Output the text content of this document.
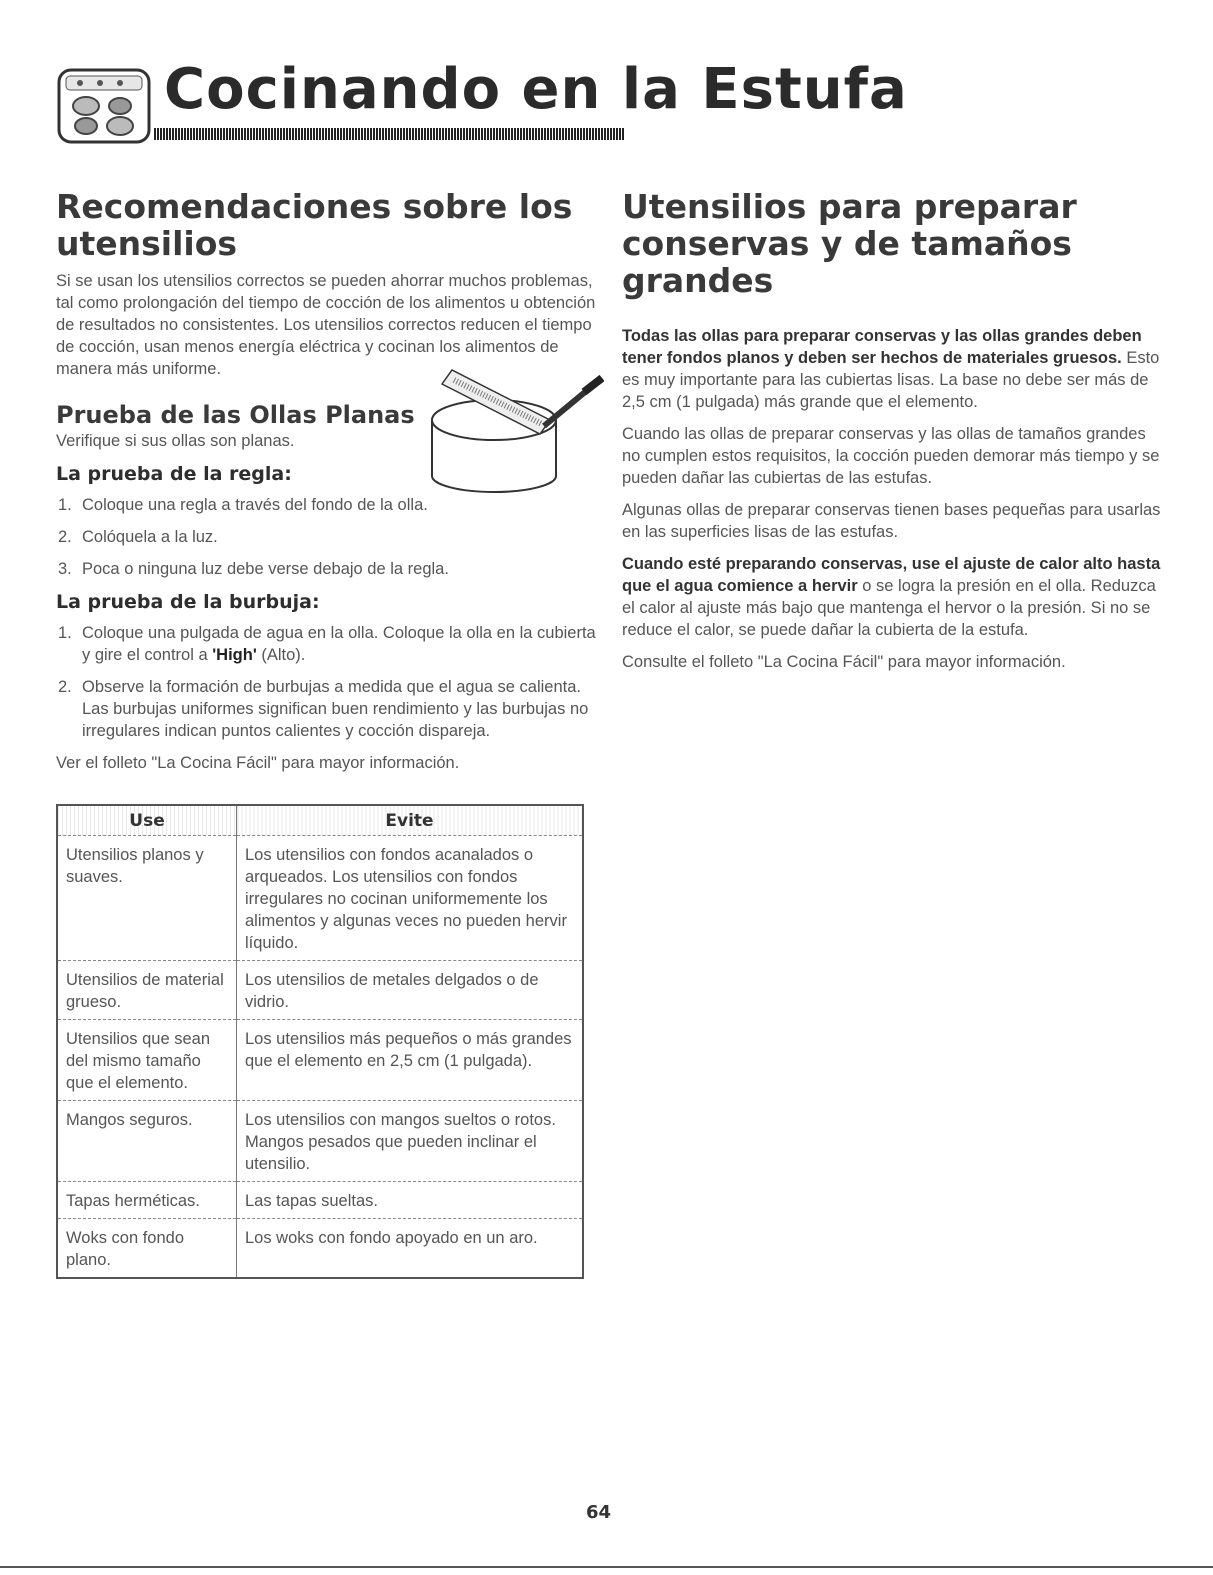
Cocinando en la Estufa
Recomendaciones sobre los utensilios

Si se usan los utensilios correctos se pueden ahorrar muchos problemas, tal como prolongación del tiempo de cocción de los alimentos u obtención de resultados no consistentes. Los utensilios correctos reducen el tiempo de cocción, usan menos energía eléctrica y cocinan los alimentos de manera más uniforme.

Prueba de las Ollas Planas

Verifique si sus ollas son planas.

La prueba de la regla:
1. Coloque una regla a través del fondo de la olla.
2. Colóquela a la luz.
3. Poca o ninguna luz debe verse debajo de la regla.
La prueba de la burbuja:
1. Coloque una pulgada de agua en la olla. Coloque la olla en la cubierta y gire el control a 'High' (Alto).
2. Observe la formación de burbujas a medida que el agua se calienta. Las burbujas uniformes significan buen rendimiento y las burbujas no irregulares indican puntos calientes y cocción dispareja.

Ver el folleto "La Cocina Fácil" para mayor información.

Use	Evite
Utensilios planos y suaves.	Los utensilios con fondos acanalados o arqueados. Los utensilios con fondos irregulares no cocinan uniformemente los alimentos y algunas veces no pueden hervir líquido.
Utensilios de material grueso.	Los utensilios de metales delgados o de vidrio.
Utensilios que sean del mismo tamaño que el elemento.	Los utensilios más pequeños o más grandes que el elemento en 2,5 cm (1 pulgada).
Mangos seguros.	Los utensilios con mangos sueltos o rotos. Mangos pesados que pueden inclinar el utensilio.
Tapas herméticas.	Las tapas sueltas.
Woks con fondo plano.	Los woks con fondo apoyado en un aro.
Utensilios para preparar conservas y de tamaños grandes

Todas las ollas para preparar conservas y las ollas grandes deben tener fondos planos y deben ser hechos de materiales gruesos. Esto es muy importante para las cubiertas lisas. La base no debe ser más de 2,5 cm (1 pulgada) más grande que el elemento.

Cuando las ollas de preparar conservas y las ollas de tamaños grandes no cumplen estos requisitos, la cocción pueden demorar más tiempo y se pueden dañar las cubiertas de las estufas.

Algunas ollas de preparar conservas tienen bases pequeñas para usarlas en las superficies lisas de las estufas.

Cuando esté preparando conservas, use el ajuste de calor alto hasta que el agua comience a hervir o se logra la presión en el olla. Reduzca el calor al ajuste más bajo que mantenga el hervor o la presión. Si no se reduce el calor, se puede dañar la cubierta de la estufa.

Consulte el folleto "La Cocina Fácil" para mayor información.

64
